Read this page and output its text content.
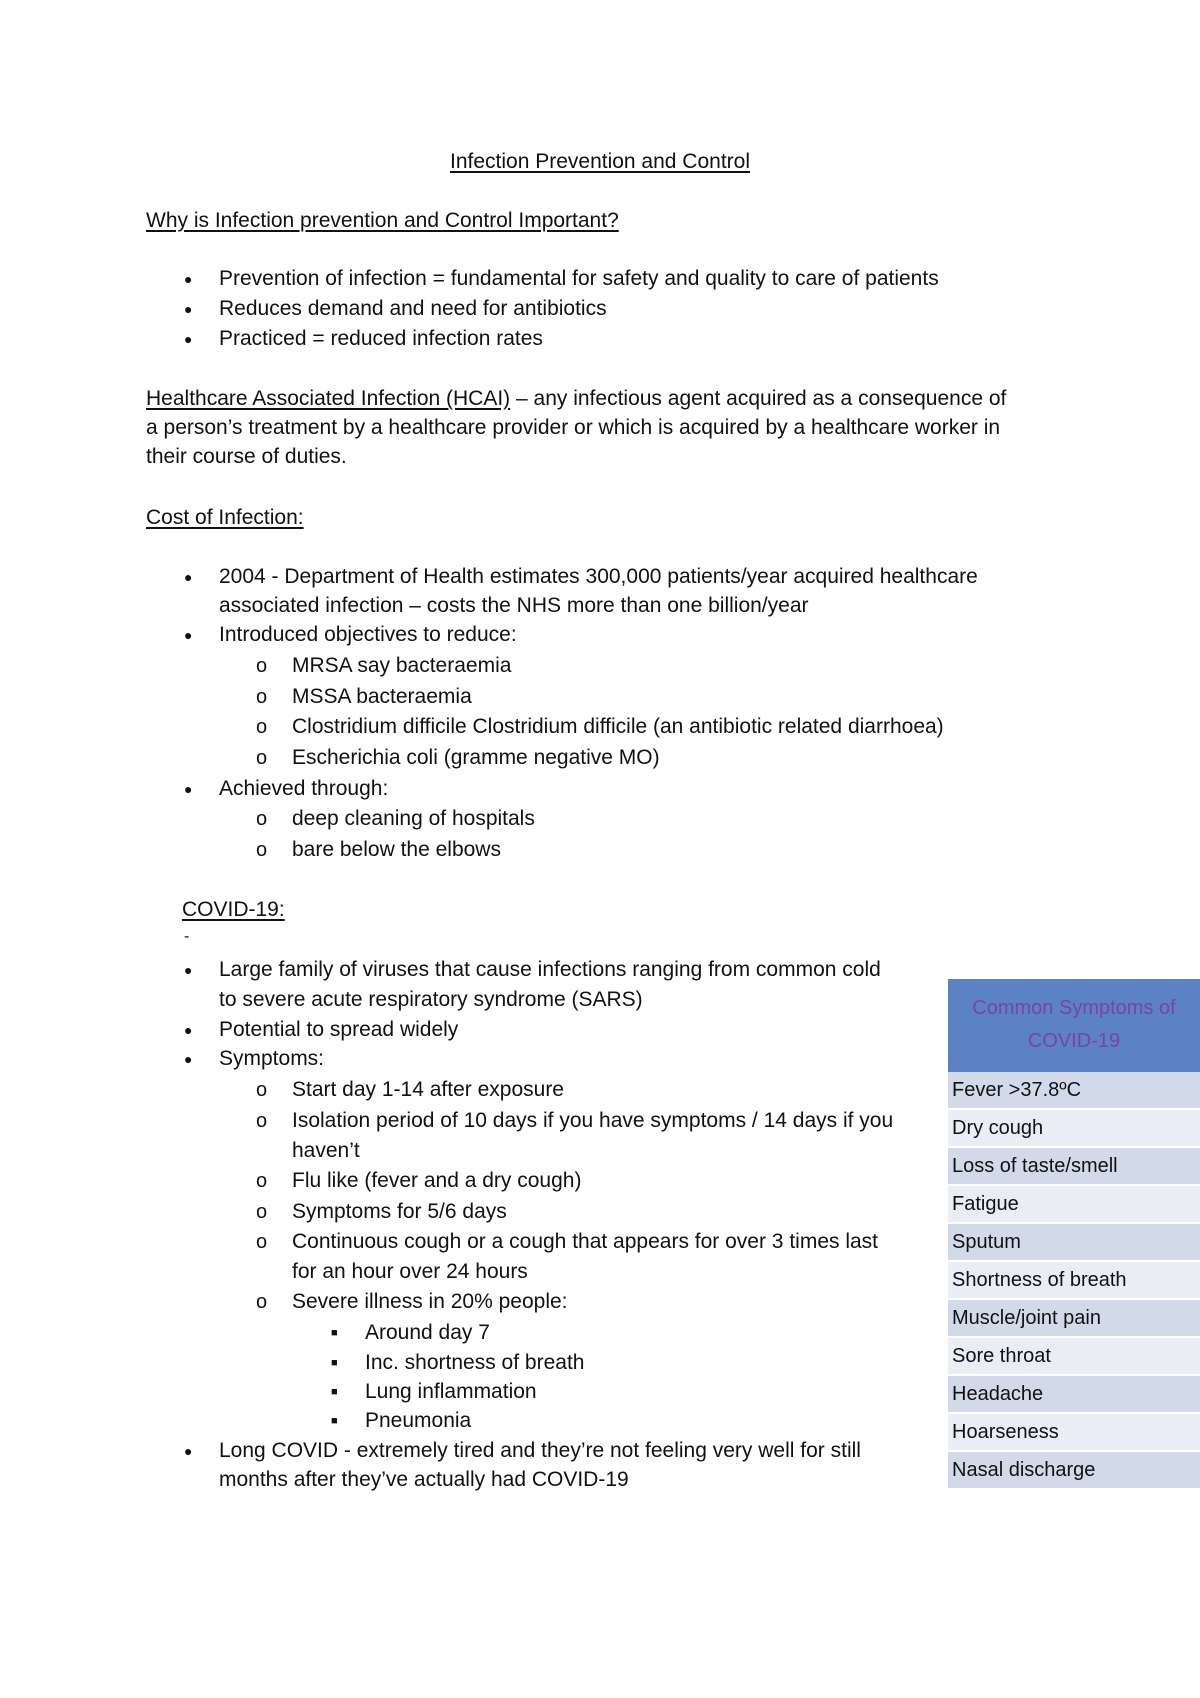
Infection Prevention and Control
Why is Infection prevention and Control Important?
● Prevention of infection = fundamental for safety and quality to care of patients
● Reduces demand and need for antibiotics
● Practiced = reduced infection rates
Healthcare Associated Infection (HCAI) – any infectious agent acquired as a consequence of
a person’s treatment by a healthcare provider or which is acquired by a healthcare worker in
their course of duties.
Cost of Infection:
● 2004 - Department of Health estimates 300,000 patients/year acquired healthcare
associated infection – costs the NHS more than one billion/year
● Introduced objectives to reduce:
o MRSA say bacteraemia
o MSSA bacteraemia
o Clostridium difficile Clostridium difficile (an antibiotic related diarrhoea)
o Escherichia coli (gramme negative MO)
● Achieved through:
o deep cleaning of hospitals
o bare below the elbows
COVID-19:
-
● Large family of viruses that cause infections ranging from common cold
to severe acute respiratory syndrome (SARS)
● Potential to spread widely
● Symptoms:
o Start day 1-14 after exposure
o Isolation period of 10 days if you have symptoms / 14 days if you
haven’t
o Flu like (fever and a dry cough)
o Symptoms for 5/6 days
o Continuous cough or a cough that appears for over 3 times last
for an hour over 24 hours
o Severe illness in 20% people:
■ Around day 7
■ Inc. shortness of breath
■ Lung inflammation
■ Pneumonia
● Long COVID - extremely tired and they’re not feeling very well for still
months after they’ve actually had COVID-19
Common Symptoms of
COVID-19
Fever >37.8ºC
Dry cough
Loss of taste/smell
Fatigue
Sputum
Shortness of breath
Muscle/joint pain
Sore throat
Headache
Hoarseness
Nasal discharge
